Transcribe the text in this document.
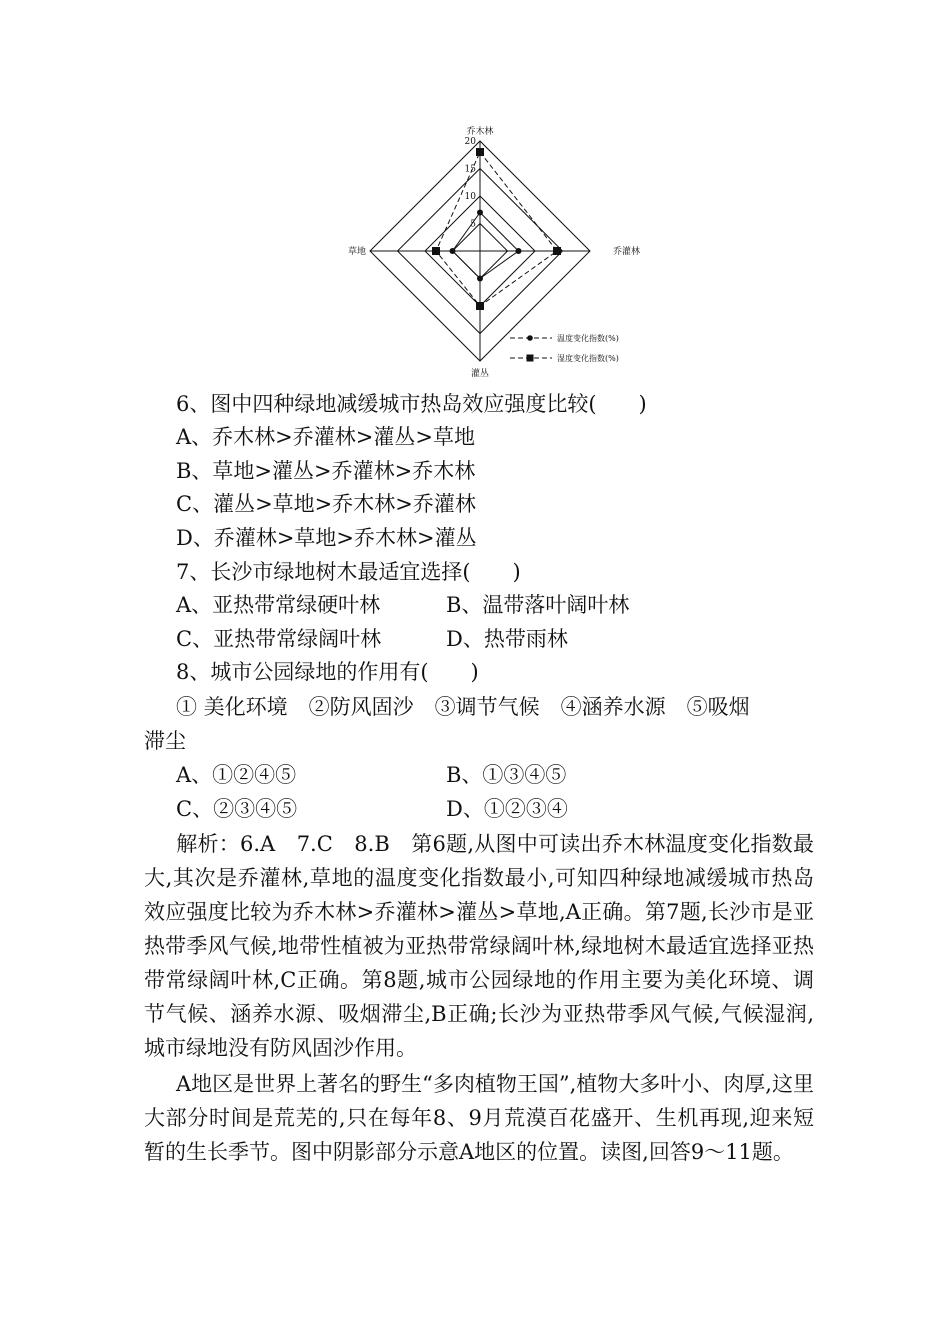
20
15
10
5
乔木林
乔灌林
灌丛
草地
温度变化指数(%)
湿度变化指数(%)
6、图中四种绿地减缓城市热岛效应强度比较(　　)
A、乔木林>乔灌林>灌丛>草地
B、草地>灌丛>乔灌林>乔木林
C、灌丛>草地>乔木林>乔灌林
D、乔灌林>草地>乔木林>灌丛
7、长沙市绿地树木最适宜选择(　　)
A、亚热带常绿硬叶林	B、温带落叶阔叶林
C、亚热带常绿阔叶林	D、热带雨林
8、城市公园绿地的作用有(　　)
① 美化环境　②防风固沙　③调节气候　④涵养水源　⑤吸烟
滞尘
A、①②④⑤	B、①③④⑤
C、②③④⑤	D、①②③④
解析：6.A　7.C　8.B　第6题,从图中可读出乔木林温度变化指数最大,其次是乔灌林,草地的温度变化指数最小,可知四种绿地减缓城市热岛效应强度比较为乔木林>乔灌林>灌丛>草地,A正确。第7题,长沙市是亚热带季风气候,地带性植被为亚热带常绿阔叶林,绿地树木最适宜选择亚热带常绿阔叶林,C正确。第8题,城市公园绿地的作用主要为美化环境、调节气候、涵养水源、吸烟滞尘,B正确;长沙为亚热带季风气候,气候湿润,城市绿地没有防风固沙作用。
A地区是世界上著名的野生“多肉植物王国”,植物大多叶小、肉厚,这里大部分时间是荒芜的,只在每年8、9月荒漠百花盛开、生机再现,迎来短暂的生长季节。图中阴影部分示意A地区的位置。读图,回答9～11题。
